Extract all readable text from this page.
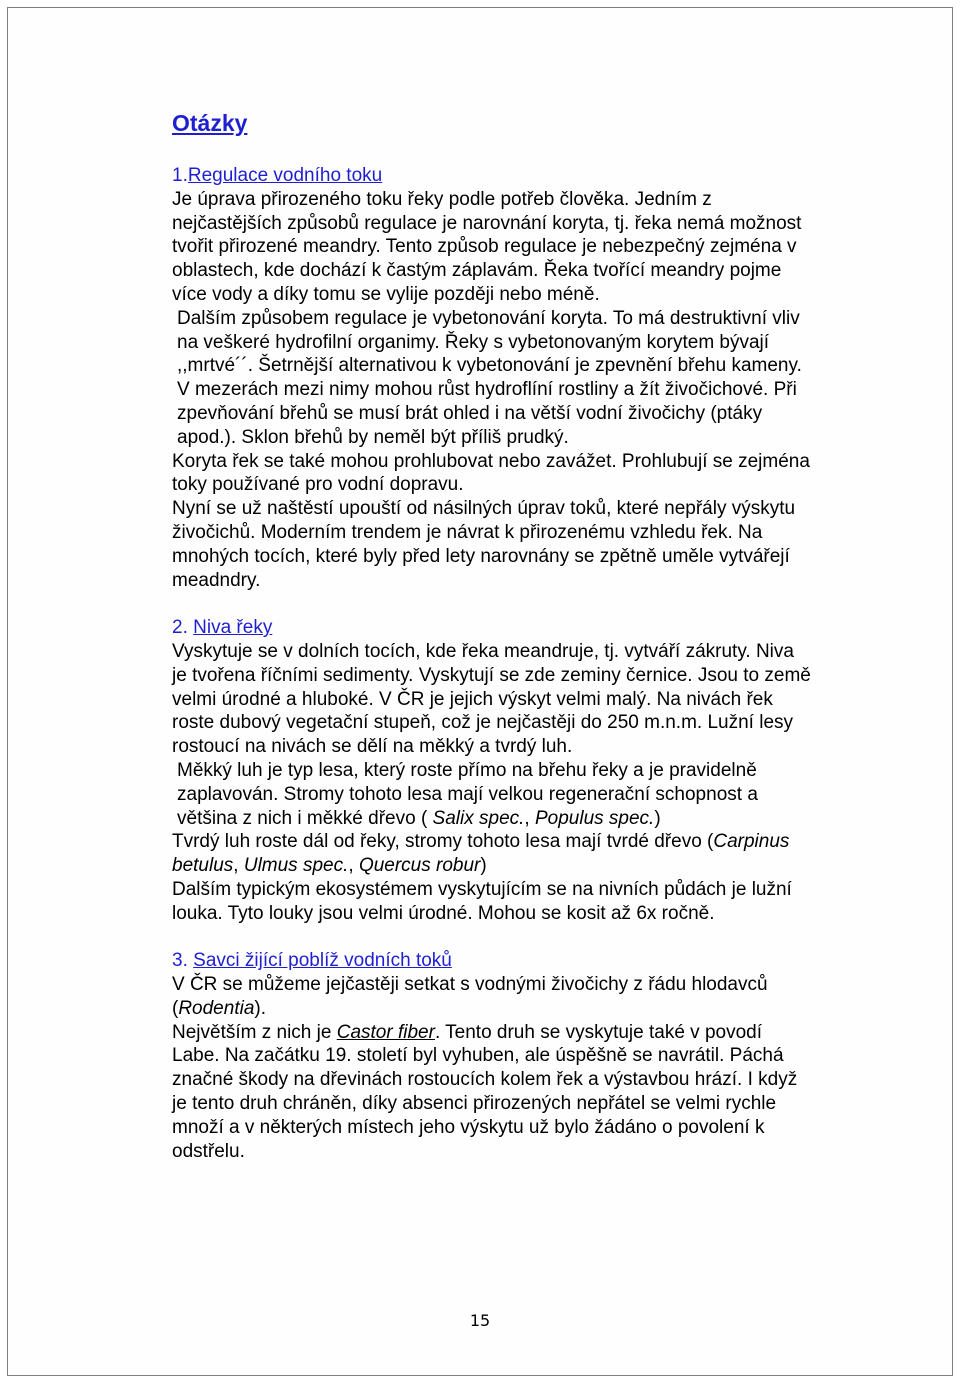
Otázky
1.Regulace vodního toku

Je úprava přirozeného toku řeky podle potřeb člověka. Jedním z nejčastějších způsobů regulace je narovnání koryta, tj. řeka nemá možnost tvořit přirozené meandry. Tento způsob regulace je nebezpečný zejména v oblastech, kde dochází k častým záplavám. Řeka tvořící meandry pojme více vody a díky tomu se vylije později nebo méně.

Dalším způsobem regulace je vybetonování koryta. To má destruktivní vliv na veškeré hydrofilní organimy. Řeky s vybetonovaným korytem bývají ,,mrtvé´´. Šetrnější alternativou k vybetonování je zpevnění břehu kameny. V mezerách mezi nimy mohou růst hydroflíní rostliny a žít živočichové. Při zpevňování břehů se musí brát ohled i na větší vodní živočichy (ptáky apod.). Sklon břehů by neměl být příliš prudký.

Koryta řek se také mohou prohlubovat nebo zavážet. Prohlubují se zejména toky používané pro vodní dopravu.

Nyní se už naštěstí upouští od násilných úprav toků, které nepřály výskytu živočichů. Moderním trendem je návrat k přirozenému vzhledu řek. Na mnohých tocích, které byly před lety narovnány se zpětně uměle vytvářejí meadndry.

2. Niva řeky

Vyskytuje se v dolních tocích, kde řeka meandruje, tj. vytváří zákruty. Niva je tvořena říčními sedimenty. Vyskytují se zde zeminy černice. Jsou to země velmi úrodné a hluboké. V ČR je jejich výskyt velmi malý. Na nivách řek roste dubový vegetační stupeň, což je nejčastěji do 250 m.n.m. Lužní lesy rostoucí na nivách se dělí na měkký a tvrdý luh.

Měkký luh je typ lesa, který roste přímo na břehu řeky a je pravidelně zaplavován. Stromy tohoto lesa mají velkou regenerační schopnost a většina z nich i měkké dřevo ( Salix spec., Populus spec.)

Tvrdý luh roste dál od řeky, stromy tohoto lesa mají tvrdé dřevo (Carpinus betulus, Ulmus spec., Quercus robur)

Dalším typickým ekosystémem vyskytujícím se na nivních půdách je lužní louka. Tyto louky jsou velmi úrodné. Mohou se kosit až 6x ročně.

3. Savci žijící poblíž vodních toků

V ČR se můžeme jejčastěji setkat s vodnými živočichy z řádu hlodavců (Rodentia).

Největším z nich je Castor fiber. Tento druh se vyskytuje také v povodí Labe. Na začátku 19. století byl vyhuben, ale úspěšně se navrátil. Páchá značné škody na dřevinách rostoucích kolem řek a výstavbou hrází. I když je tento druh chráněn, díky absenci přirozených nepřátel se velmi rychle množí a v některých místech jeho výskytu už bylo žádáno o povolení k odstřelu.

15
